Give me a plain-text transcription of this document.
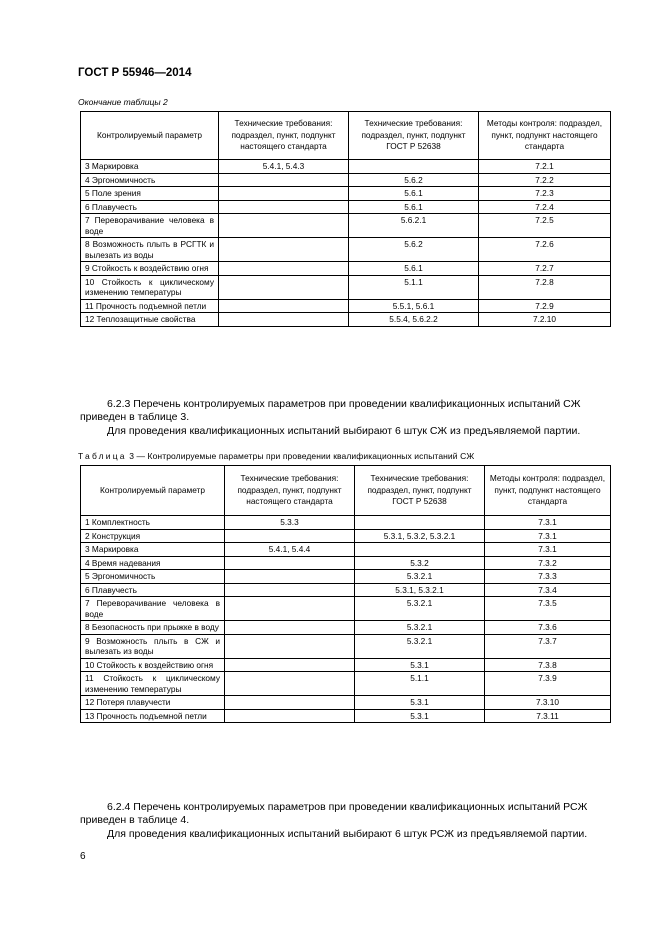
ГОСТ Р 55946—2014
Окончание таблицы 2
Контролируемый параметр	Технические требования: подраздел, пункт, подпункт настоящего стандарта	Технические требования: подраздел, пункт, подпункт ГОСТ Р 52638	Методы контроля: подраздел, пункт, подпункт настоящего стандарта
3 Маркировка	5.4.1, 5.4.3		7.2.1
4 Эргономичность		5.6.2	7.2.2
5 Поле зрения		5.6.1	7.2.3
6 Плавучесть		5.6.1	7.2.4
7 Переворачивание человека в воде		5.6.2.1	7.2.5
8 Возможность плыть в РСГТК и вылезать из воды		5.6.2	7.2.6
9 Стойкость к воздействию огня		5.6.1	7.2.7
10 Стойкость к циклическому изменению температуры		5.1.1	7.2.8
11 Прочность подъемной петли		5.5.1, 5.6.1	7.2.9
12 Теплозащитные свойства		5.5.4, 5.6.2.2	7.2.10
6.2.3 Перечень контролируемых параметров при проведении квалификационных испытаний СЖ приведен в таблице 3.
Для проведения квалификационных испытаний выбирают 6 штук СЖ из предъявляемой партии.
Таблица 3 — Контролируемые параметры при проведении квалификационных испытаний СЖ
Контролируемый параметр	Технические требования: подраздел, пункт, подпункт настоящего стандарта	Технические требования: подраздел, пункт, подпункт ГОСТ Р 52638	Методы контроля: подраздел, пункт, подпункт настоящего стандарта
1 Комплектность	5.3.3		7.3.1
2 Конструкция		5.3.1, 5.3.2, 5.3.2.1	7.3.1
3 Маркировка	5.4.1, 5.4.4		7.3.1
4 Время надевания		5.3.2	7.3.2
5 Эргономичность		5.3.2.1	7.3.3
6 Плавучесть		5.3.1, 5.3.2.1	7.3.4
7 Переворачивание человека в воде		5.3.2.1	7.3.5
8 Безопасность при прыжке в воду		5.3.2.1	7.3.6
9 Возможность плыть в СЖ и вылезать из воды		5.3.2.1	7.3.7
10 Стойкость к воздействию огня		5.3.1	7.3.8
11 Стойкость к циклическому изменению температуры		5.1.1	7.3.9
12 Потеря плавучести		5.3.1	7.3.10
13 Прочность подъемной петли		5.3.1	7.3.11
6.2.4 Перечень контролируемых параметров при проведении квалификационных испытаний РСЖ приведен в таблице 4.
Для проведения квалификационных испытаний выбирают 6 штук РСЖ из предъявляемой партии.
6
